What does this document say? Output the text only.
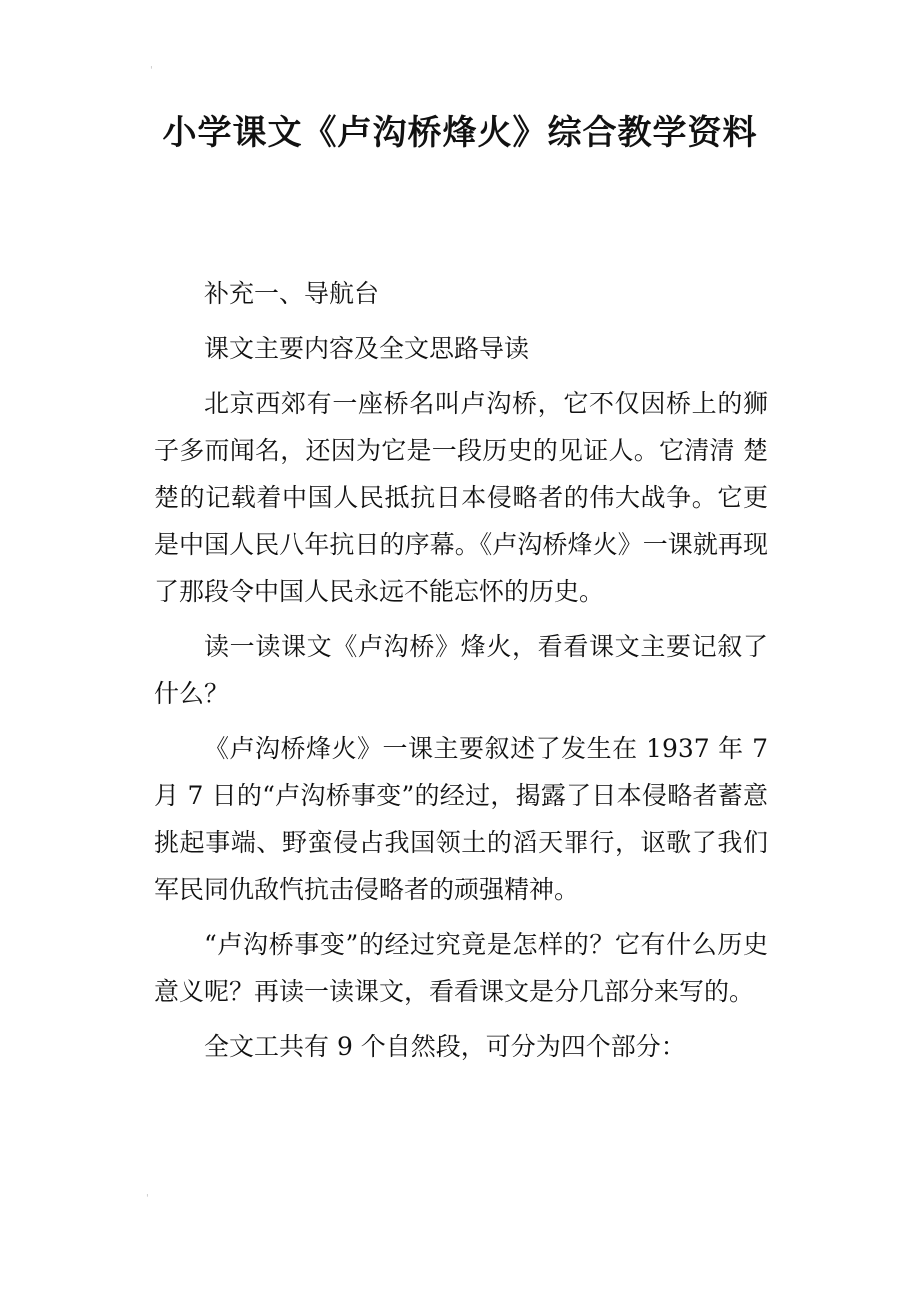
'
小学课文《卢沟桥烽火》综合教学资料

补充一、导航台

课文主要内容及全文思路导读

北京西郊有一座桥名叫卢沟桥，它不仅因桥上的狮子多而闻名，还因为它是一段历史的见证人。它清清 楚楚的记载着中国人民抵抗日本侵略者的伟大战争。它更是中国人民八年抗日的序幕。《卢沟桥烽火》一课就再现了那段令中国人民永远不能忘怀的历史。

读一读课文《卢沟桥》烽火，看看课文主要记叙了什么？

《卢沟桥烽火》一课主要叙述了发生在 1937 年 7 月 7 日的“卢沟桥事变”的经过，揭露了日本侵略者蓄意挑起事端、野蛮侵占我国领土的滔天罪行，讴歌了我们军民同仇敌忾抗击侵略者的顽强精神。

“卢沟桥事变”的经过究竟是怎样的？它有什么历史意义呢？再读一读课文，看看课文是分几部分来写的。

全文工共有 9 个自然段，可分为四个部分：

'
